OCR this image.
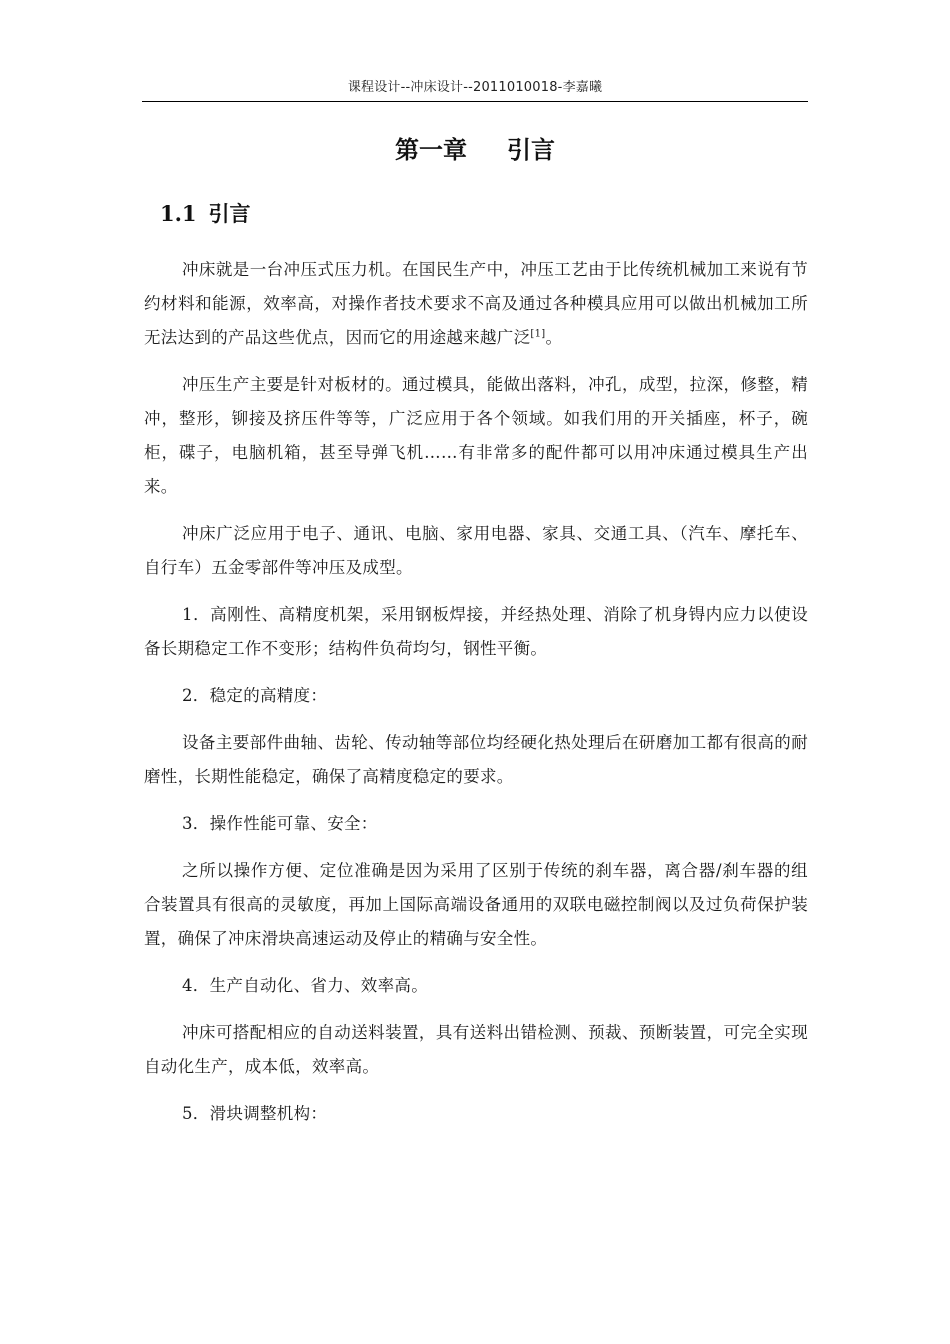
课程设计--冲床设计--2011010018-李嘉曦
第一章 引言
1.1 引言

冲床就是一台冲压式压力机。在国民生产中，冲压工艺由于比传统机械加工来说有节约材料和能源，效率高，对操作者技术要求不高及通过各种模具应用可以做出机械加工所无法达到的产品这些优点，因而它的用途越来越广泛[1]。

冲压生产主要是针对板材的。通过模具，能做出落料，冲孔，成型，拉深，修整，精冲，整形，铆接及挤压件等等，广泛应用于各个领域。如我们用的开关插座，杯子，碗柜，碟子，电脑机箱，甚至导弹飞机……有非常多的配件都可以用冲床通过模具生产出来。

冲床广泛应用于电子、通讯、电脑、家用电器、家具、交通工具、（汽车、摩托车、自行车）五金零部件等冲压及成型。

1．高刚性、高精度机架，采用钢板焊接，并经热处理、消除了机身锝内应力以使设备长期稳定工作不变形；结构件负荷均匀，钢性平衡。

2．稳定的高精度：

设备主要部件曲轴、齿轮、传动轴等部位均经硬化热处理后在研磨加工都有很高的耐磨性，长期性能稳定，确保了高精度稳定的要求。

3．操作性能可靠、安全：

之所以操作方便、定位准确是因为采用了区别于传统的刹车器，离合器/刹车器的组合装置具有很高的灵敏度，再加上国际高端设备通用的双联电磁控制阀以及过负荷保护装置，确保了冲床滑块高速运动及停止的精确与安全性。

4．生产自动化、省力、效率高。

冲床可搭配相应的自动送料装置，具有送料出错检测、预裁、预断装置，可完全实现自动化生产，成本低，效率高。

5．滑块调整机构：
